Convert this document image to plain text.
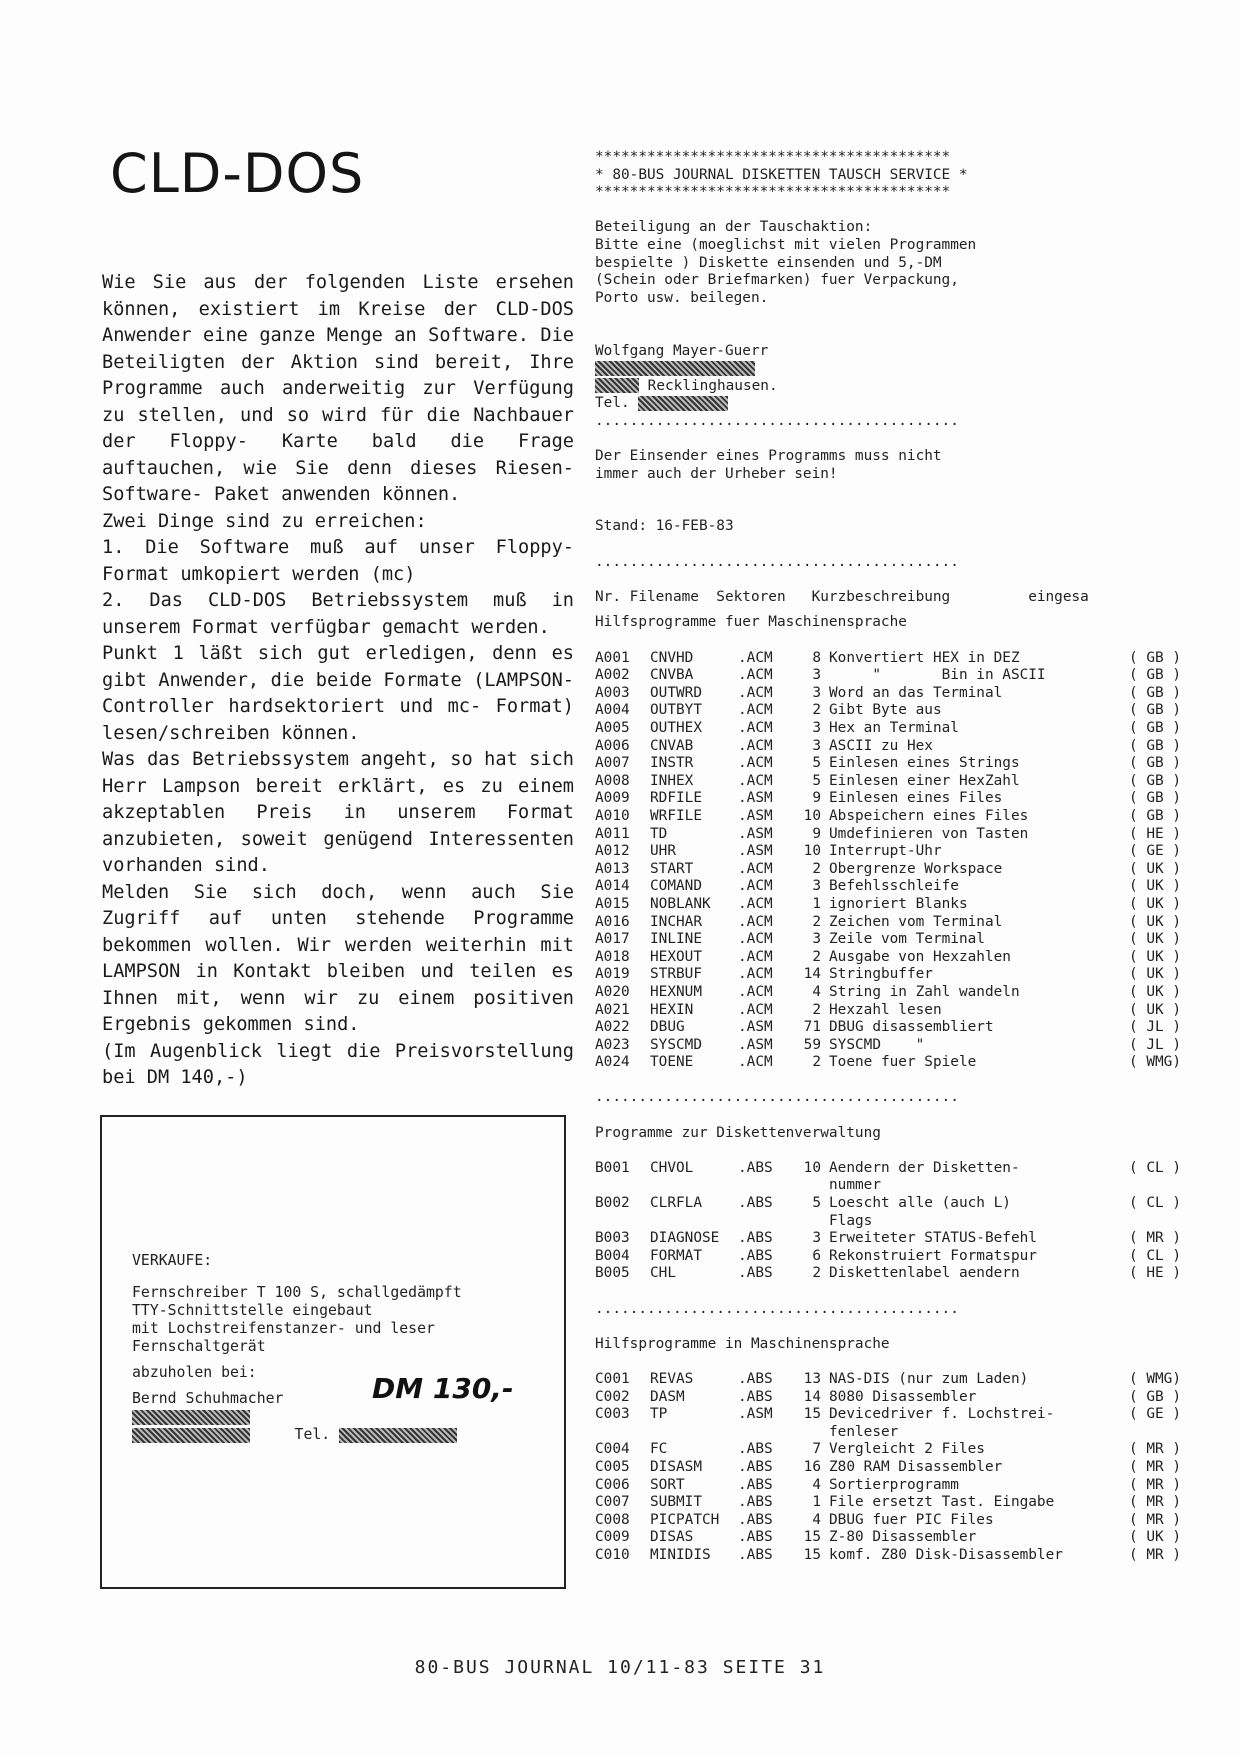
CLD-DOS

Wie Sie aus der folgenden Liste ersehen können, existiert im Kreise der CLD-DOS Anwender eine ganze Menge an Software. Die Beteiligten der Aktion sind bereit, Ihre Programme auch anderweitig zur Verfügung zu stellen, und so wird für die Nachbauer der Floppy- Karte bald die Frage auftauchen, wie Sie denn dieses Riesen- Software- Paket anwenden können.

Zwei Dinge sind zu erreichen:

1. Die Software muß auf unser Floppy- Format umkopiert werden (mc)

2. Das CLD-DOS Betriebssystem muß in unserem Format verfügbar gemacht werden.

Punkt 1 läßt sich gut erledigen, denn es gibt Anwender, die beide Formate (LAMPSON-Controller hardsektoriert und mc- Format) lesen/schreiben können.

Was das Betriebssystem angeht, so hat sich Herr Lampson bereit erklärt, es zu einem akzeptablen Preis in unserem Format anzubieten, soweit genügend Interessenten vorhanden sind.

Melden Sie sich doch, wenn auch Sie Zugriff auf unten stehende Programme bekommen wollen. Wir werden weiterhin mit LAMPSON in Kontakt bleiben und teilen es Ihnen mit, wenn wir zu einem positiven Ergebnis gekommen sind.

(Im Augenblick liegt die Preisvorstellung bei DM 140,-)

VERKAUFE:
Fernschreiber T 100 S, schallgedämpft
TTY-Schnittstelle eingebaut
mit Lochstreifenstanzer- und leser
Fernschaltgerät
abzuholen bei:
Bernd Schuhmacher
Tel.
DM 130,-
*****************************************
* 80-BUS JOURNAL DISKETTEN TAUSCH SERVICE *
*****************************************
Beteiligung an der Tauschaktion:
Bitte eine (moeglichst mit vielen Programmen
bespielte ) Diskette einsenden und 5,-DM
(Schein oder Briefmarken) fuer Verpackung,
Porto usw. beilegen.
Wolfgang Mayer-Guerr
Recklinghausen.
Tel.
..........................................
Der Einsender eines Programms muss nicht
immer auch der Urheber sein!
Stand: 16-FEB-83
..........................................
Nr. Filename  Sektoren   Kurzbeschreibung         eingesa
Hilfsprogramme fuer Maschinensprache
A001	CNVHD	.ACM	8	Konvertiert HEX in DEZ	( GB )
A002	CNVBA	.ACM	3	"       Bin in ASCII	( GB )
A003	OUTWRD	.ACM	3	Word an das Terminal	( GB )
A004	OUTBYT	.ACM	2	Gibt Byte aus	( GB )
A005	OUTHEX	.ACM	3	Hex an Terminal	( GB )
A006	CNVAB	.ACM	3	ASCII zu Hex	( GB )
A007	INSTR	.ACM	5	Einlesen eines Strings	( GB )
A008	INHEX	.ACM	5	Einlesen einer HexZahl	( GB )
A009	RDFILE	.ASM	9	Einlesen eines Files	( GB )
A010	WRFILE	.ASM	10	Abspeichern eines Files	( GB )
A011	TD	.ASM	9	Umdefinieren von Tasten	( HE )
A012	UHR	.ASM	10	Interrupt-Uhr	( GE )
A013	START	.ACM	2	Obergrenze Workspace	( UK )
A014	COMAND	.ACM	3	Befehlsschleife	( UK )
A015	NOBLANK	.ACM	1	ignoriert Blanks	( UK )
A016	INCHAR	.ACM	2	Zeichen vom Terminal	( UK )
A017	INLINE	.ACM	3	Zeile vom Terminal	( UK )
A018	HEXOUT	.ACM	2	Ausgabe von Hexzahlen	( UK )
A019	STRBUF	.ACM	14	Stringbuffer	( UK )
A020	HEXNUM	.ACM	4	String in Zahl wandeln	( UK )
A021	HEXIN	.ACM	2	Hexzahl lesen	( UK )
A022	DBUG	.ASM	71	DBUG disassembliert	( JL )
A023	SYSCMD	.ASM	59	SYSCMD    "	( JL )
A024	TOENE	.ACM	2	Toene fuer Spiele	( WMG)
..........................................
Programme zur Diskettenverwaltung
B001	CHVOL	.ABS	10	Aendern der Disketten-
nummer	( CL )
B002	CLRFLA	.ABS	5	Loescht alle (auch L)
Flags	( CL )
B003	DIAGNOSE	.ABS	3	Erweiteter STATUS-Befehl	( MR )
B004	FORMAT	.ABS	6	Rekonstruiert Formatspur	( CL )
B005	CHL	.ABS	2	Diskettenlabel aendern	( HE )
..........................................
Hilfsprogramme in Maschinensprache
C001	REVAS	.ABS	13	NAS-DIS (nur zum Laden)	( WMG)
C002	DASM	.ABS	14	8080 Disassembler	( GB )
C003	TP	.ASM	15	Devicedriver f. Lochstrei-
fenleser	( GE )
C004	FC	.ABS	7	Vergleicht 2 Files	( MR )
C005	DISASM	.ABS	16	Z80 RAM Disassembler	( MR )
C006	SORT	.ABS	4	Sortierprogramm	( MR )
C007	SUBMIT	.ABS	1	File ersetzt Tast. Eingabe	( MR )
C008	PICPATCH	.ABS	4	DBUG fuer PIC Files	( MR )
C009	DISAS	.ABS	15	Z-80 Disassembler	( UK )
C010	MINIDIS	.ABS	15	komf. Z80 Disk-Disassembler	( MR )
80-BUS JOURNAL 10/11-83 SEITE 31
